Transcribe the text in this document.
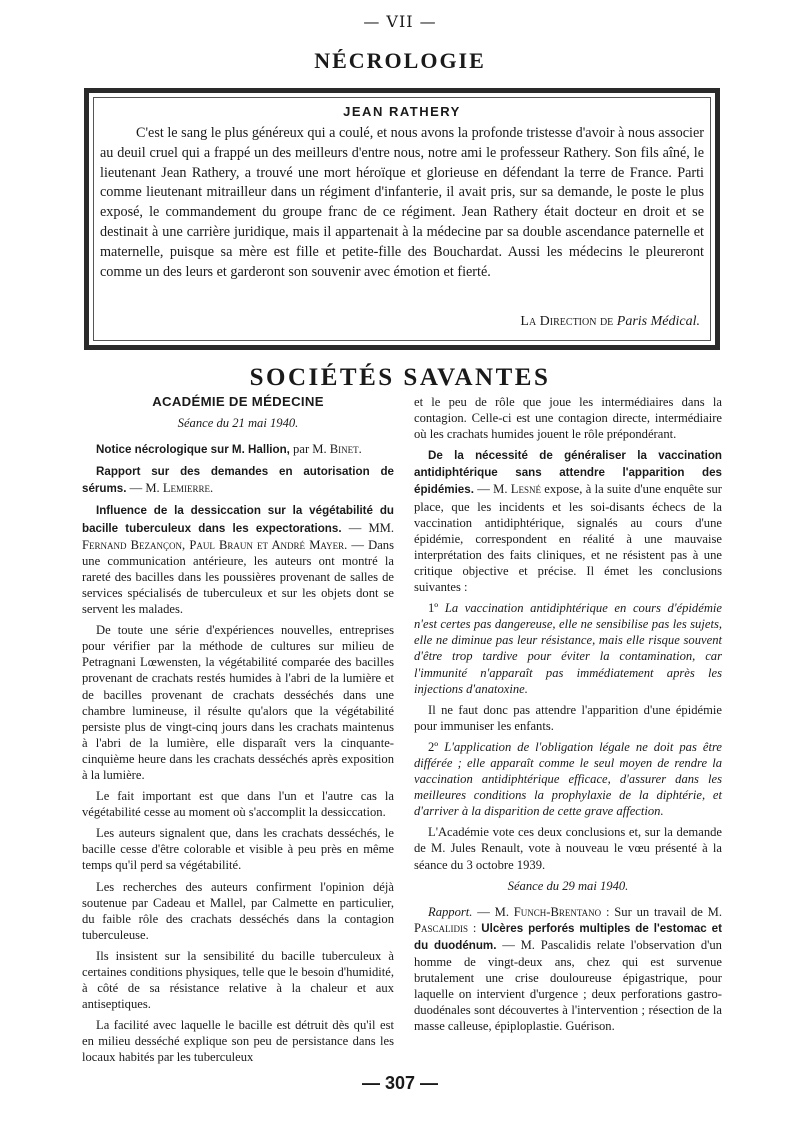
— VII —
NÉCROLOGIE
JEAN RATHERY
C'est le sang le plus généreux qui a coulé, et nous avons la profonde tristesse d'avoir à nous associer au deuil cruel qui a frappé un des meilleurs d'entre nous, notre ami le professeur Rathery. Son fils aîné, le lieutenant Jean Rathery, a trouvé une mort héroïque et glorieuse en défendant la terre de France. Parti comme lieutenant mitrailleur dans un régiment d'infanterie, il avait pris, sur sa demande, le poste le plus exposé, le commandement du groupe franc de ce régiment. Jean Rathery était docteur en droit et se destinait à une carrière juridique, mais il appartenait à la médecine par sa double ascendance paternelle et maternelle, puisque sa mère est fille et petite-fille des Bouchardat. Aussi les médecins le pleureront comme un des leurs et garderont son souvenir avec émotion et fierté.
La Direction de Paris Médical.
SOCIÉTÉS SAVANTES

ACADÉMIE DE MÉDECINE

Séance du 21 mai 1940.

Notice nécrologique sur M. Hallion, par M. Binet.

Rapport sur des demandes en autorisation de sérums. — M. Lemierre.

Influence de la dessiccation sur la végétabilité du bacille tuberculeux dans les expectorations. — MM. Fernand Bezançon, Paul Braun et André Mayer. — Dans une communication antérieure, les auteurs ont montré la rareté des bacilles dans les poussières provenant de salles de services spécialisés de tuberculeux et sur les objets dont se servent les malades.

De toute une série d'expériences nouvelles, entreprises pour vérifier par la méthode de cultures sur milieu de Petragnani Lœwensten, la végétabilité comparée des bacilles provenant de crachats restés humides à l'abri de la lumière et de bacilles provenant de crachats desséchés dans une chambre lumineuse, il résulte qu'alors que la végétabilité persiste plus de vingt-cinq jours dans les crachats maintenus à l'abri de la lumière, elle disparaît vers la cinquante-cinquième heure dans les crachats desséchés après exposition à la lumière.

Le fait important est que dans l'un et l'autre cas la végétabilité cesse au moment où s'accomplit la dessiccation.

Les auteurs signalent que, dans les crachats desséchés, le bacille cesse d'être colorable et visible à peu près en même temps qu'il perd sa végétabilité.

Les recherches des auteurs confirment l'opinion déjà soutenue par Cadeau et Mallel, par Calmette en particulier, du faible rôle des crachats desséchés dans la contagion tuberculeuse.

Ils insistent sur la sensibilité du bacille tuberculeux à certaines conditions physiques, telle que le besoin d'humidité, à côté de sa résistance relative à la chaleur et aux antiseptiques.

La facilité avec laquelle le bacille est détruit dès qu'il est en milieu desséché explique son peu de persistance dans les locaux habités par les tuberculeux

et le peu de rôle que joue les intermédiaires dans la contagion. Celle-ci est une contagion directe, intermédiaire où les crachats humides jouent le rôle prépondérant.

De la nécessité de généraliser la vaccination antidiphtérique sans attendre l'apparition des épidémies. — M. Lesné expose, à la suite d'une enquête sur place, que les incidents et les soi-disants échecs de la vaccination antidiphtérique, signalés au cours d'une épidémie, correspondent en réalité à une mauvaise interprétation des faits cliniques, et ne résistent pas à une critique objective et précise. Il émet les conclusions suivantes :

1º La vaccination antidiphtérique en cours d'épidémie n'est certes pas dangereuse, elle ne sensibilise pas les sujets, elle ne diminue pas leur résistance, mais elle risque souvent d'être trop tardive pour éviter la contamination, car l'immunité n'apparaît pas immédiatement après les injections d'anatoxine.

Il ne faut donc pas attendre l'apparition d'une épidémie pour immuniser les enfants.

2º L'application de l'obligation légale ne doit pas être différée ; elle apparaît comme le seul moyen de rendre la vaccination antidiphtérique efficace, d'assurer dans les meilleures conditions la prophylaxie de la diphtérie, et d'arriver à la disparition de cette grave affection.

L'Académie vote ces deux conclusions et, sur la demande de M. Jules Renault, vote à nouveau le vœu présenté à la séance du 3 octobre 1939.

Séance du 29 mai 1940.

Rapport. — M. Funch-Brentano : Sur un travail de M. Pascalidis : Ulcères perforés multiples de l'estomac et du duodénum. — M. Pascalidis relate l'observation d'un homme de vingt-deux ans, chez qui est survenue brutalement une crise douloureuse épigastrique, pour laquelle on intervient d'urgence ; deux perforations gastro-duodénales sont découvertes à l'intervention ; résection de la masse calleuse, épiploplastie. Guérison.

— 307 —
